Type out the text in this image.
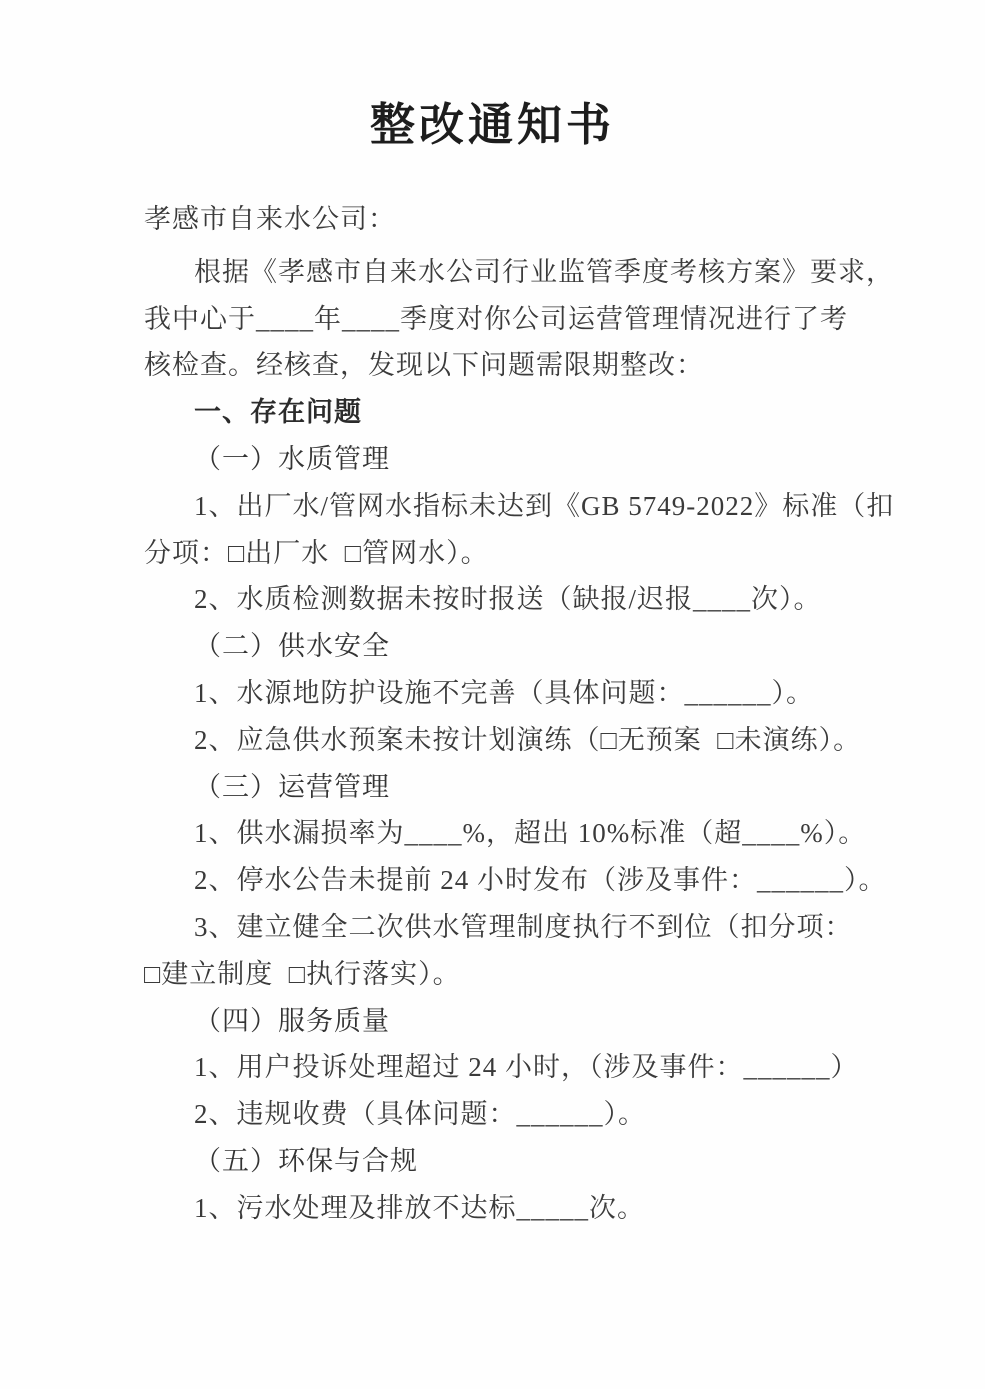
整改通知书
孝感市自来水公司：
根据《孝感市自来水公司行业监管季度考核方案》要求，
我中心于____年____季度对你公司运营管理情况进行了考
核检查。经核查，发现以下问题需限期整改：
一、存在问题
（一）水质管理
1、出厂水/管网水指标未达到《GB 5749-2022》标准（扣
分项：□出厂水  □管网水）。
2、水质检测数据未按时报送（缺报/迟报____次）。
（二）供水安全
1、水源地防护设施不完善（具体问题：______）。
2、应急供水预案未按计划演练（□无预案  □未演练）。
（三）运营管理
1、供水漏损率为____%，超出 10%标准（超____%）。
2、停水公告未提前 24 小时发布（涉及事件：______）。
3、建立健全二次供水管理制度执行不到位（扣分项：
□建立制度  □执行落实）。
（四）服务质量
1、用户投诉处理超过 24 小时，（涉及事件：______）
2、违规收费（具体问题：______）。
（五）环保与合规
1、污水处理及排放不达标_____次。
